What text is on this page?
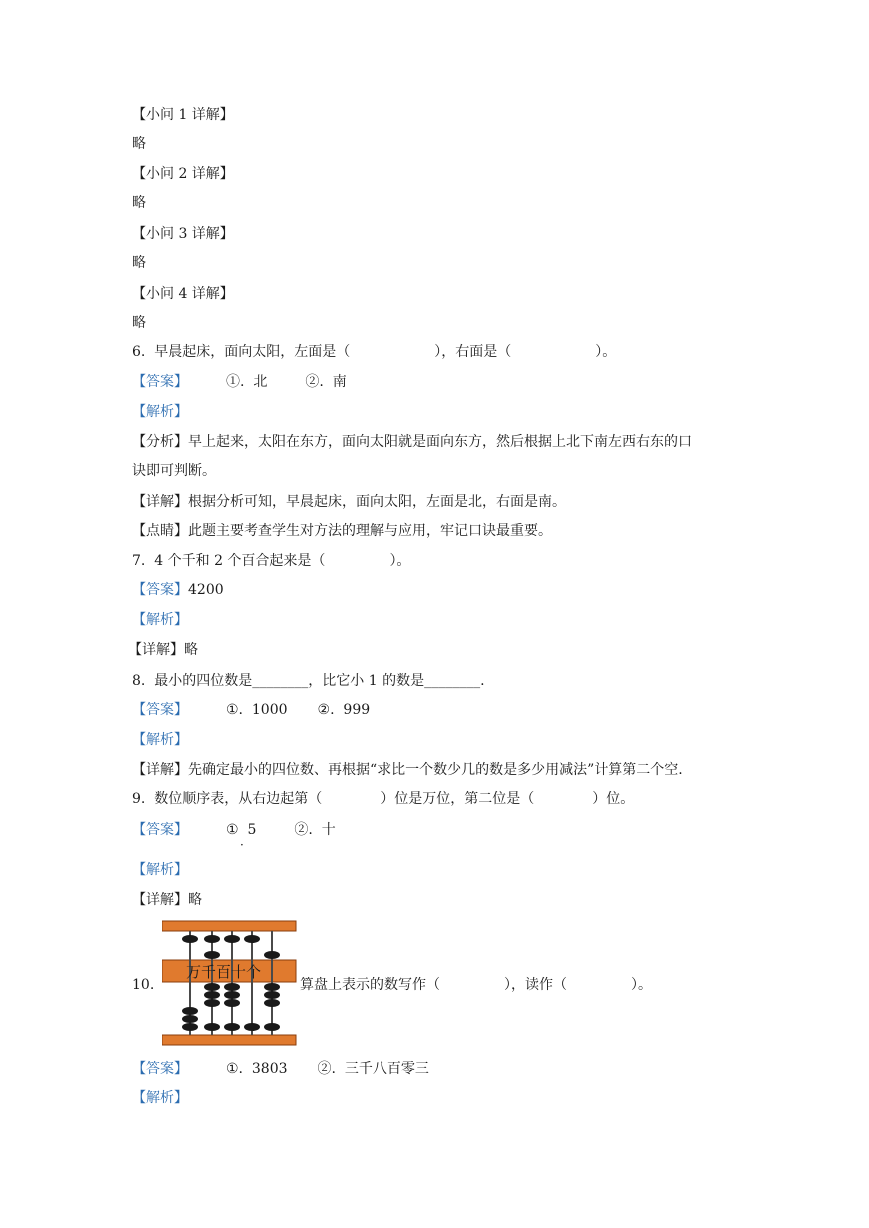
【小问 1 详解】

略

【小问 2 详解】

略

【小问 3 详解】

略

【小问 4 详解】

略

6.  早晨起床，面向太阳，左面是（	），右面是（	）。

【答案】	①.  北	②.  南

【解析】

【分析】早上起来，太阳在东方，面向太阳就是面向东方，然后根据上北下南左西右东的口

诀即可判断。

【详解】根据分析可知，早晨起床，面向太阳，左面是北，右面是南。

【点睛】此题主要考查学生对方法的理解与应用，牢记口诀最重要。

7.  4 个千和 2 个百合起来是（	）。

【答案】4200

【解析】

【详解】略

8.  最小的四位数是________，比它小 1 的数是________.

【答案】	①.  1000 ②.  999

【解析】

【详解】先确定最小的四位数、再根据“求比一个数少几的数是多少用减法”计算第二个空.

9.  数位顺序表，从右边起第（	）位是万位，第二位是（	）位。

【答案】	①  5	②.  十

·

【解析】

【详解】略

10.
万千百十个
算盘上表示的数写作（	），读作（	）。

【答案】	①.  3803 ②.  三千八百零三

【解析】
